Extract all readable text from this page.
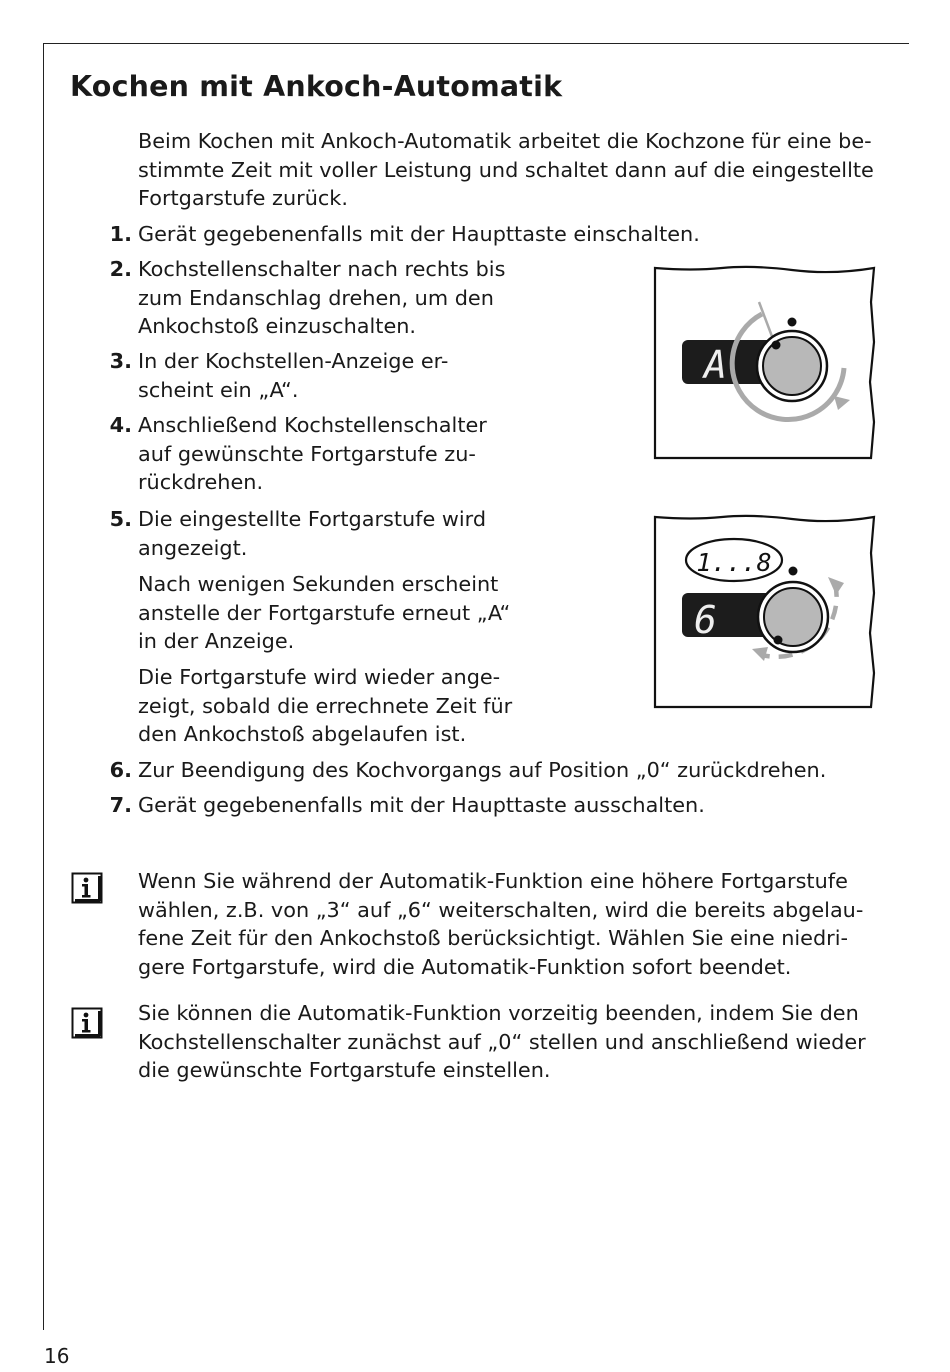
Kochen mit Ankoch-Automatik
Beim Kochen mit Ankoch-Automatik arbeitet die Kochzone für eine be-
stimmte Zeit mit voller Leistung und schaltet dann auf die eingestellte
Fortgarstufe zurück.
1. Gerät gegebenenfalls mit der Haupttaste einschalten.
2. Kochstellenschalter nach rechts bis
zum Endanschlag drehen, um den
Ankochstoß einzuschalten.
3. In der Kochstellen-Anzeige er-
scheint ein „A“.
4. Anschließend Kochstellenschalter
auf gewünschte Fortgarstufe zu-
rückdrehen.
5. Die eingestellte Fortgarstufe wird
angezeigt.
Nach wenigen Sekunden erscheint
anstelle der Fortgarstufe erneut „A“
in der Anzeige.
Die Fortgarstufe wird wieder ange-
zeigt, sobald die errechnete Zeit für
den Ankochstoß abgelaufen ist.
6. Zur Beendigung des Kochvorgangs auf Position „0“ zurückdrehen.
7. Gerät gegebenenfalls mit der Haupttaste ausschalten.
Wenn Sie während der Automatik-Funktion eine höhere Fortgarstufe
wählen, z.B. von „3“ auf „6“ weiterschalten, wird die bereits abgelau-
fene Zeit für den Ankochstoß berücksichtigt. Wählen Sie eine niedri-
gere Fortgarstufe, wird die Automatik-Funktion sofort beendet.
Sie können die Automatik-Funktion vorzeitig beenden, indem Sie den
Kochstellenschalter zunächst auf „0“ stellen und anschließend wieder
die gewünschte Fortgarstufe einstellen.
A
6
1...8
16
